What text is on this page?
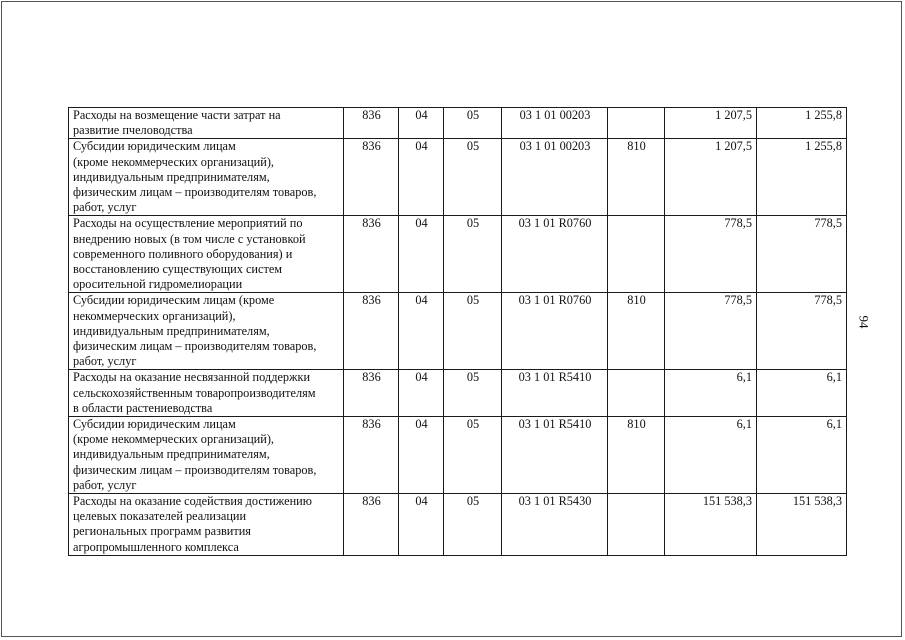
Расходы на возмещение части затрат на
развитие пчеловодства	836	04	05	03 1 01 00203		1 207,5	1 255,8
Субсидии юридическим лицам
(кроме некоммерческих организаций),
индивидуальным предпринимателям,
физическим лицам – производителям товаров,
работ, услуг	836	04	05	03 1 01 00203	810	1 207,5	1 255,8
Расходы на осуществление мероприятий по
внедрению новых (в том числе с установкой
современного поливного оборудования) и
восстановлению существующих систем
оросительной гидромелиорации	836	04	05	03 1 01 R0760		778,5	778,5
Субсидии юридическим лицам (кроме
некоммерческих организаций),
индивидуальным предпринимателям,
физическим лицам – производителям товаров,
работ, услуг	836	04	05	03 1 01 R0760	810	778,5	778,5
Расходы на оказание несвязанной поддержки
сельскохозяйственным товаропроизводителям
в области растениеводства	836	04	05	03 1 01 R5410		6,1	6,1
Субсидии юридическим лицам
(кроме некоммерческих организаций),
индивидуальным предпринимателям,
физическим лицам – производителям товаров,
работ, услуг	836	04	05	03 1 01 R5410	810	6,1	6,1
Расходы на оказание содействия достижению
целевых показателей реализации
региональных программ развития
агропромышленного комплекса	836	04	05	03 1 01 R5430		151 538,3	151 538,3
94
